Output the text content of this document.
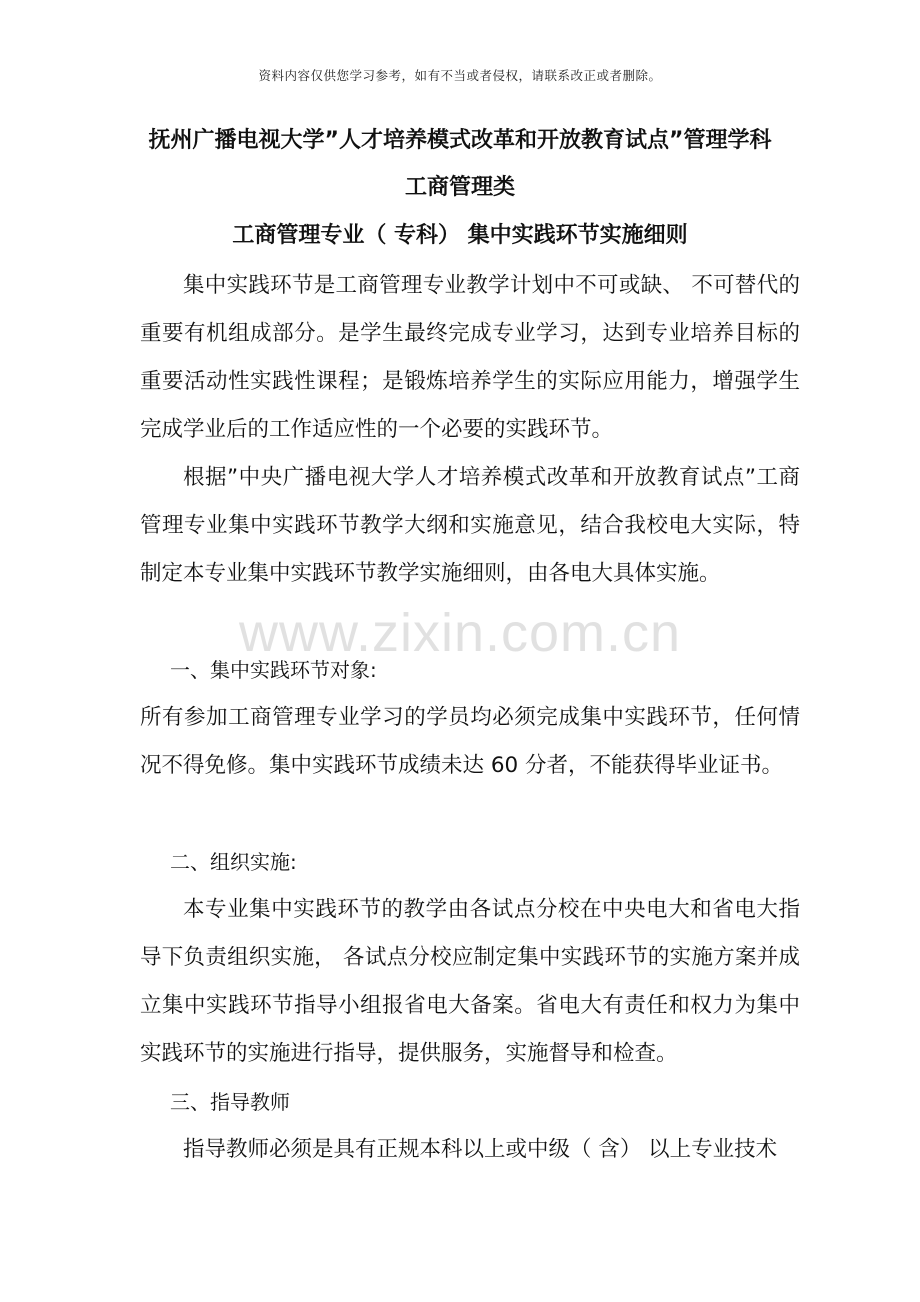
资料内容仅供您学习参考，如有不当或者侵权，请联系改正或者删除。
抚州广播电视大学”人才培养模式改革和开放教育试点”管理学科
工商管理类
工商管理专业（ 专科） 集中实践环节实施细则
集中实践环节是工商管理专业教学计划中不可或缺、 不可替代的重要有机组成部分。是学生最终完成专业学习，达到专业培养目标的重要活动性实践性课程；是锻炼培养学生的实际应用能力，增强学生完成学业后的工作适应性的一个必要的实践环节。
根据”中央广播电视大学人才培养模式改革和开放教育试点”工商管理专业集中实践环节教学大纲和实施意见，结合我校电大实际，特制定本专业集中实践环节教学实施细则，由各电大具体实施。
一、集中实践环节对象:
所有参加工商管理专业学习的学员均必须完成集中实践环节，任何情况不得免修。集中实践环节成绩未达 60 分者，不能获得毕业证书。
二、组织实施:
本专业集中实践环节的教学由各试点分校在中央电大和省电大指导下负责组织实施， 各试点分校应制定集中实践环节的实施方案并成立集中实践环节指导小组报省电大备案。省电大有责任和权力为集中实践环节的实施进行指导，提供服务，实施督导和检查。
三、指导教师
指导教师必须是具有正规本科以上或中级（ 含） 以上专业技术
www.zixin.com.cn
